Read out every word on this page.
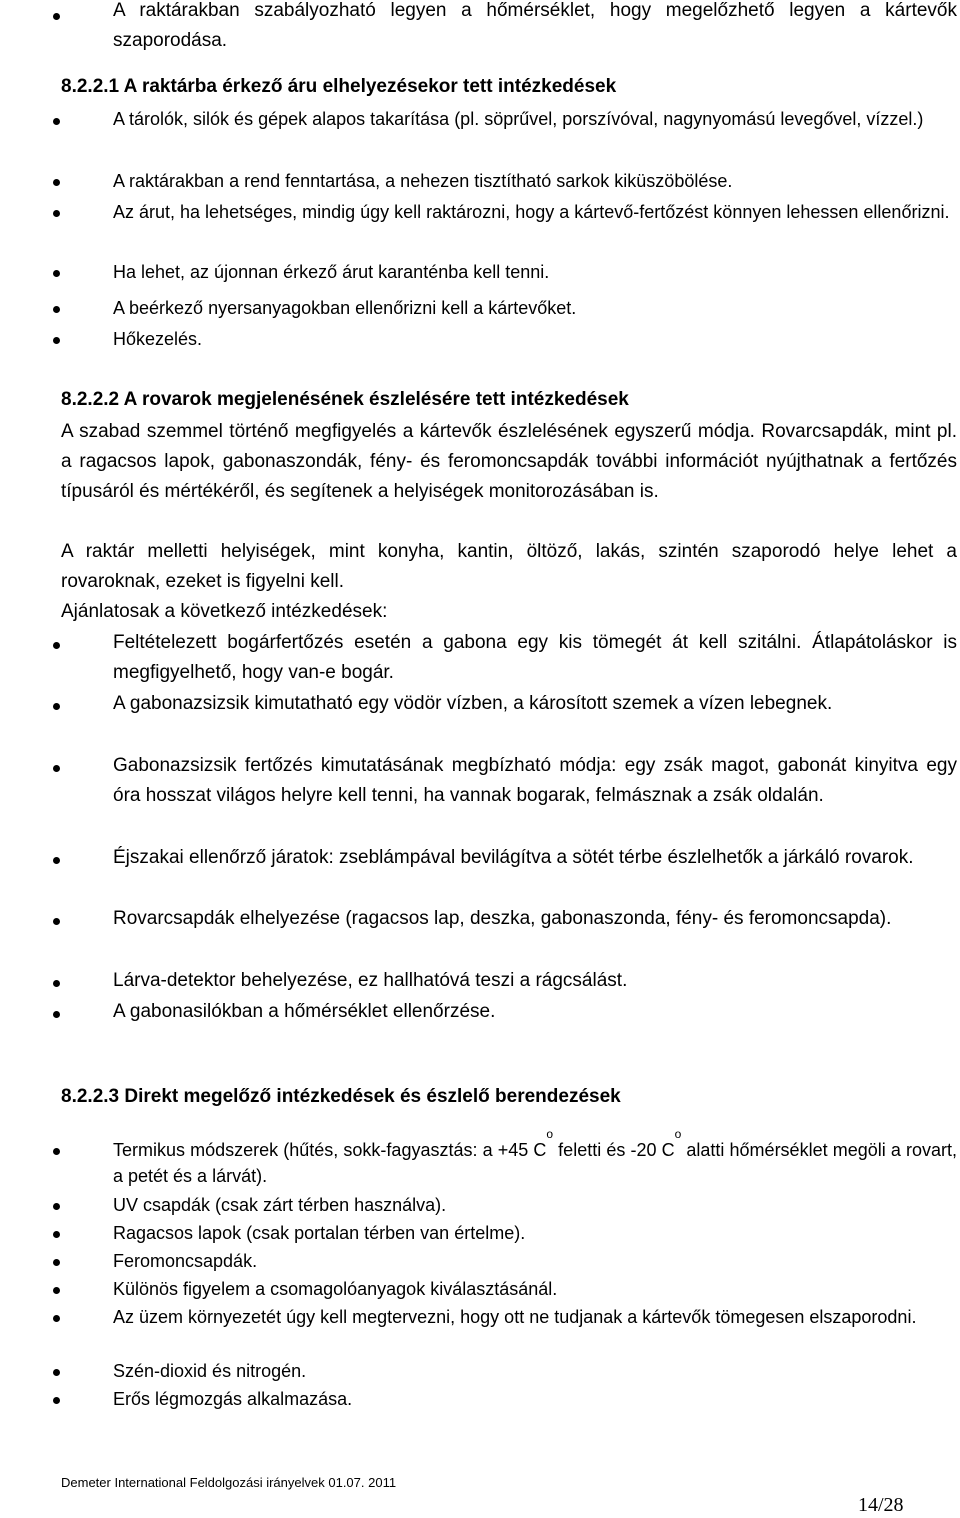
A raktárakban szabályozható legyen a hőmérséklet, hogy megelőzhető legyen a kártevők szaporodása.
8.2.2.1 A raktárba érkező áru elhelyezésekor tett intézkedések
A tárolók, silók és gépek alapos takarítása (pl. söprűvel, porszívóval, nagynyomású levegővel, vízzel.)
A raktárakban a rend fenntartása, a nehezen tisztítható sarkok kiküszöbölése.
Az árut, ha lehetséges, mindig úgy kell raktározni, hogy a kártevő-fertőzést könnyen lehessen ellenőrizni.
Ha lehet, az újonnan érkező árut karanténba kell tenni.
A beérkező nyersanyagokban ellenőrizni kell a kártevőket.
Hőkezelés.
8.2.2.2 A rovarok megjelenésének észlelésére tett intézkedések
A szabad szemmel történő megfigyelés a kártevők észlelésének egyszerű módja. Rovarcsapdák, mint pl. a ragacsos lapok, gabonaszondák, fény- és feromoncsapdák további információt nyújthatnak a fertőzés típusáról és mértékéről, és segítenek a helyiségek monitorozásában is.
A raktár melletti helyiségek, mint konyha, kantin, öltöző, lakás, szintén szaporodó helye lehet a rovaroknak, ezeket is figyelni kell.
Ajánlatosak a következő intézkedések:
Feltételezett bogárfertőzés esetén a gabona egy kis tömegét át kell szitálni. Átlapátoláskor is megfigyelhető, hogy van-e bogár.
A gabonazsizsik kimutatható egy vödör vízben, a károsított szemek a vízen lebegnek.
Gabonazsizsik fertőzés kimutatásának megbízható módja: egy zsák magot, gabonát kinyitva egy óra hosszat világos helyre kell tenni, ha vannak bogarak, felmásznak a zsák oldalán.
Éjszakai ellenőrző járatok: zseblámpával bevilágítva a sötét térbe észlelhetők a járkáló rovarok.
Rovarcsapdák elhelyezése (ragacsos lap, deszka, gabonaszonda, fény- és feromoncsapda).
Lárva-detektor behelyezése, ez hallhatóvá teszi a rágcsálást.
A gabonasilókban a hőmérséklet ellenőrzése.
8.2.2.3 Direkt megelőző intézkedések és észlelő berendezések
Termikus módszerek (hűtés, sokk-fagyasztás: a +45 $C^o$ feletti és -20 $C^o$ alatti hőmérséklet megöli a rovart, a petét és a lárvát).
UV csapdák (csak zárt térben használva).
Ragacsos lapok (csak portalan térben van értelme).
Feromoncsapdák.
Különös figyelem a csomagolóanyagok kiválasztásánál.
Az üzem környezetét úgy kell megtervezni, hogy ott ne tudjanak a kártevők tömegesen elszaporodni.
Szén-dioxid és nitrogén.
Erős légmozgás alkalmazása.
Demeter International Feldolgozási irányelvek 01.07. 2011
14/28
